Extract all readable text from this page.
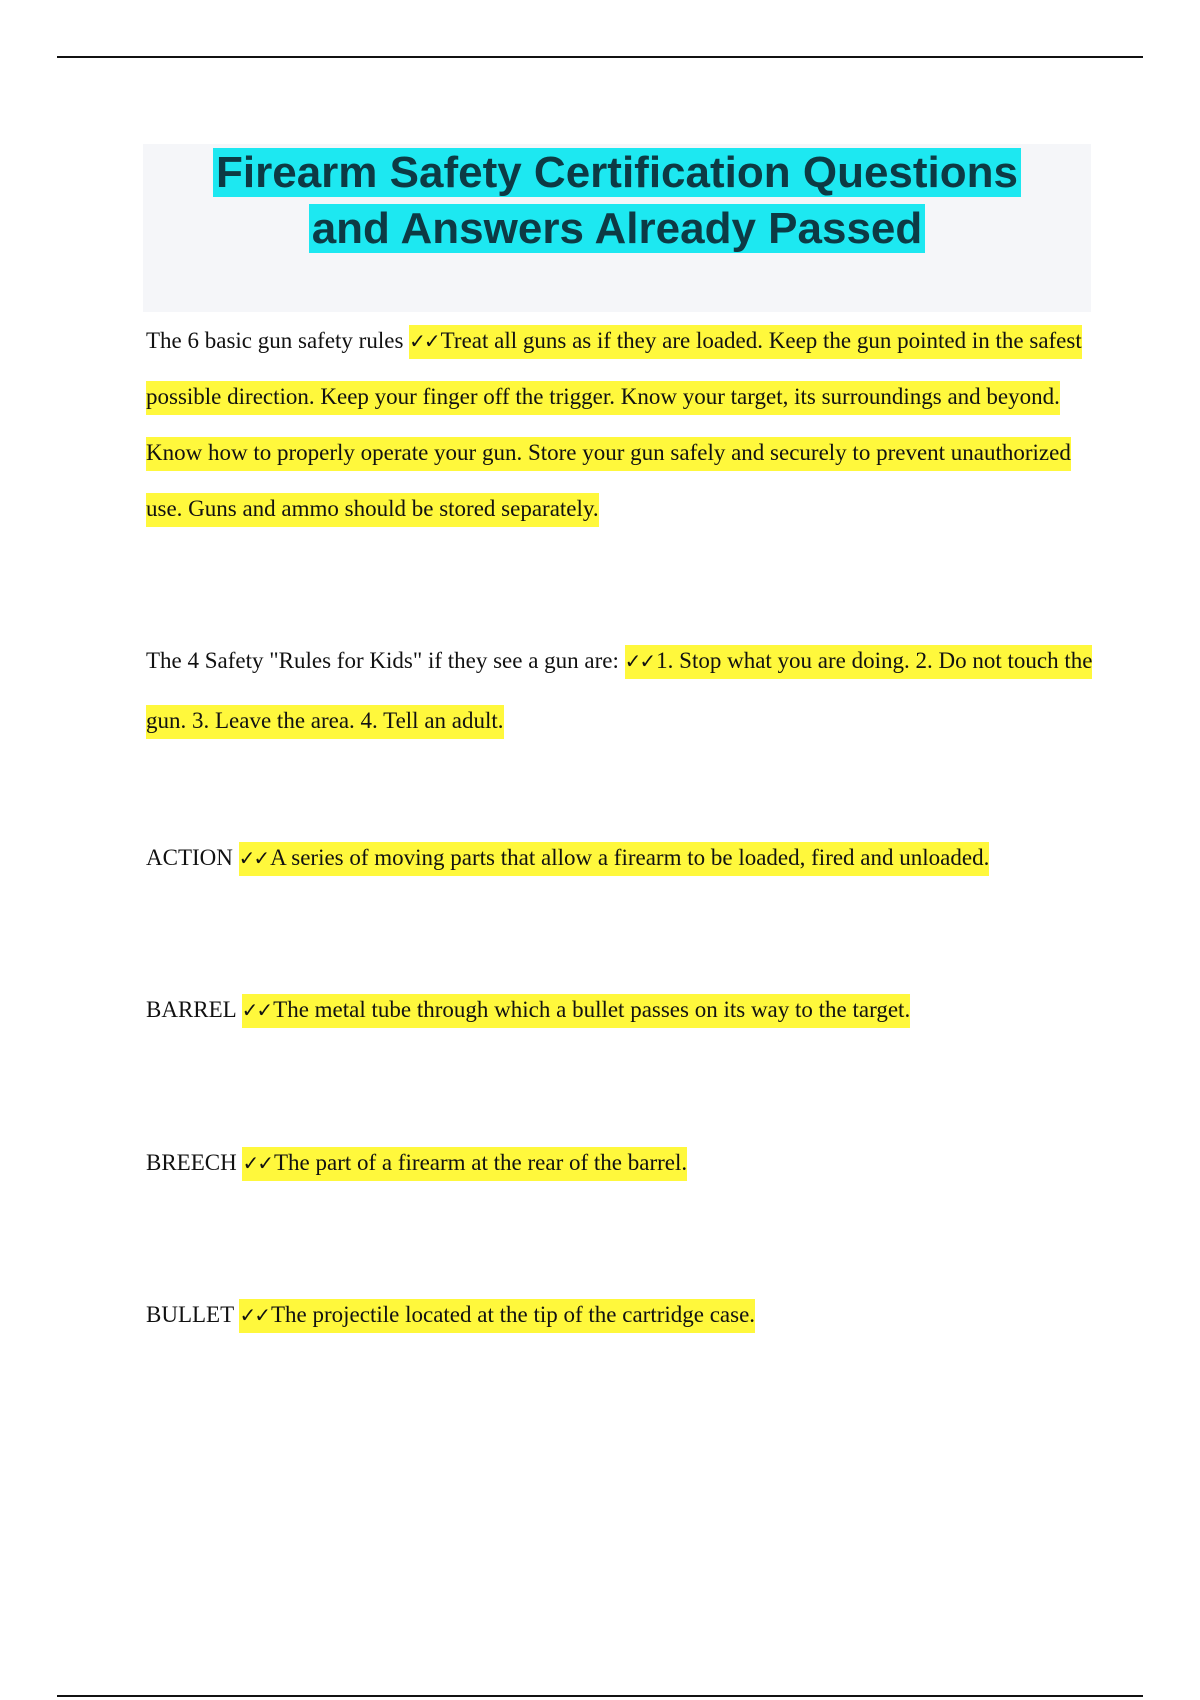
Firearm Safety Certification Questions
and Answers Already Passed

The 6 basic gun safety rules ✓✓Treat all guns as if they are loaded. Keep the gun pointed in the safest possible direction. Keep your finger off the trigger. Know your target, its surroundings and beyond. Know how to properly operate your gun. Store your gun safely and securely to prevent unauthorized use. Guns and ammo should be stored separately.

The 4 Safety "Rules for Kids" if they see a gun are: ✓✓1. Stop what you are doing. 2. Do not touch the gun. 3. Leave the area. 4. Tell an adult.

ACTION ✓✓A series of moving parts that allow a firearm to be loaded, fired and unloaded.

BARREL ✓✓The metal tube through which a bullet passes on its way to the target.

BREECH ✓✓The part of a firearm at the rear of the barrel.

BULLET ✓✓The projectile located at the tip of the cartridge case.
